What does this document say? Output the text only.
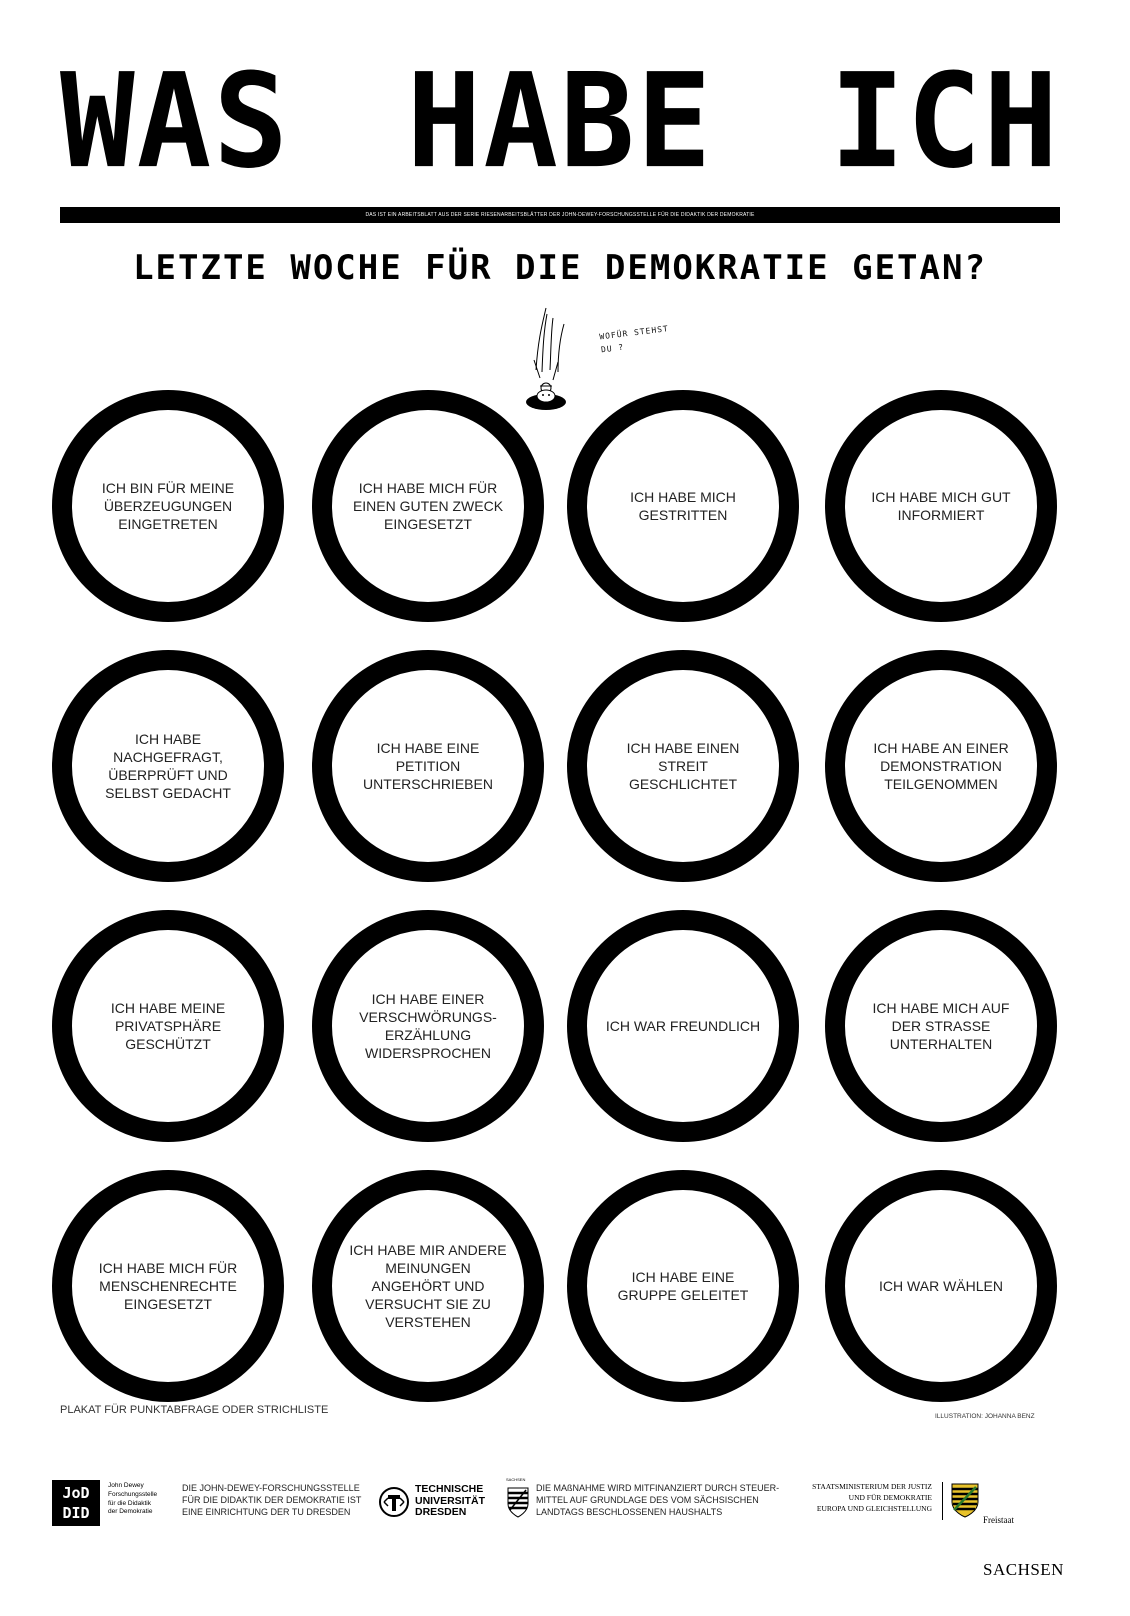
WAS HABE ICH
DAS IST EIN ARBEITSBLATT AUS DER SERIE RIESENARBEITSBLÄTTER DER JOHN-DEWEY-FORSCHUNGSSTELLE FÜR DIE DIDAKTIK DER DEMOKRATIE
LETZTE WOCHE FÜR DIE DEMOKRATIE GETAN?
WOFÜR STEHST
DU ?
ICH BIN FÜR MEINE ÜBERZEUGUNGEN EINGETRETEN
ICH HABE MICH FÜR EINEN GUTEN ZWECK EINGESETZT
ICH HABE MICH GESTRITTEN
ICH HABE MICH GUT INFORMIERT
ICH HABE NACHGEFRAGT, ÜBERPRÜFT UND SELBST GEDACHT
ICH HABE EINE PETITION UNTERSCHRIEBEN
ICH HABE EINEN STREIT GESCHLICHTET
ICH HABE AN EINER DEMONSTRATION TEILGENOMMEN
ICH HABE MEINE PRIVATSPHÄRE GESCHÜTZT
ICH HABE EINER VERSCHWÖRUNGS-ERZÄHLUNG WIDERSPROCHEN
ICH WAR FREUNDLICH
ICH HABE MICH AUF DER STRASSE UNTERHALTEN
ICH HABE MICH FÜR MENSCHENRECHTE EINGESETZT
ICH HABE MIR ANDERE MEINUNGEN ANGEHÖRT UND VERSUCHT SIE ZU VERSTEHEN
ICH HABE EINE GRUPPE GELEITET
ICH WAR WÄHLEN
PLAKAT FÜR PUNKTABFRAGE ODER STRICHLISTE
ILLUSTRATION: JOHANNA BENZ
JoD
DID
John Dewey
Forschungsstelle
für die Didaktik
der Demokratie
DIE JOHN-DEWEY-FORSCHUNGSSTELLE
FÜR DIE DIDAKTIK DER DEMOKRATIE IST
EINE EINRICHTUNG DER TU DRESDEN
TECHNISCHE
UNIVERSITÄT
DRESDEN
SACHSEN
DIE MAßNAHME WIRD MITFINANZIERT DURCH STEUER-
MITTEL AUF GRUNDLAGE DES VOM SÄCHSISCHEN
LANDTAGS BESCHLOSSENEN HAUSHALTS
STAATSMINISTERIUM DER JUSTIZ
UND FÜR DEMOKRATIE
EUROPA UND GLEICHSTELLUNG

Freistaat

SACHSEN
